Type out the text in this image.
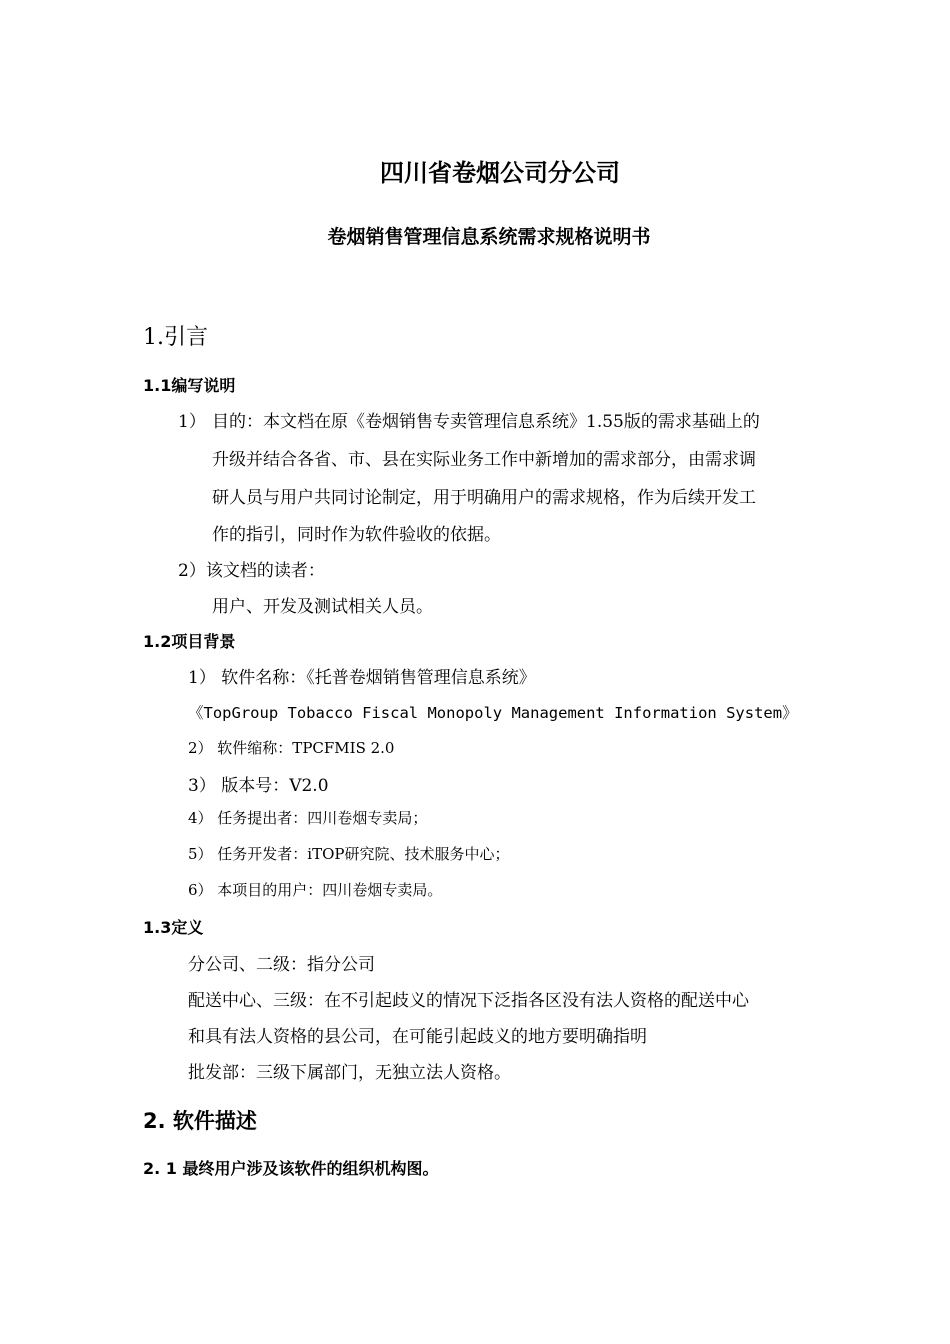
四川省卷烟公司分公司
卷烟销售管理信息系统需求规格说明书
1.引言
1.1编写说明
1） 目的：本文档在原《卷烟销售专卖管理信息系统》1.55版的需求基础上的
升级并结合各省、市、县在实际业务工作中新增加的需求部分，由需求调
研人员与用户共同讨论制定，用于明确用户的需求规格，作为后续开发工
作的指引，同时作为软件验收的依据。
2）该文档的读者：
用户、开发及测试相关人员。
1.2项目背景
1） 软件名称：《托普卷烟销售管理信息系统》
《TopGroup Tobacco Fiscal Monopoly Management Information System》
2） 软件缩称：TPCFMIS 2.0
3） 版本号：V2.0
4） 任务提出者：四川卷烟专卖局；
5） 任务开发者：iTOP研究院、技术服务中心；
6） 本项目的用户：四川卷烟专卖局。
1.3定义
分公司、二级：指分公司
配送中心、三级：在不引起歧义的情况下泛指各区没有法人资格的配送中心
和具有法人资格的县公司，在可能引起歧义的地方要明确指明
批发部：三级下属部门，无独立法人资格。
2. 软件描述
2. 1 最终用户涉及该软件的组织机构图。
